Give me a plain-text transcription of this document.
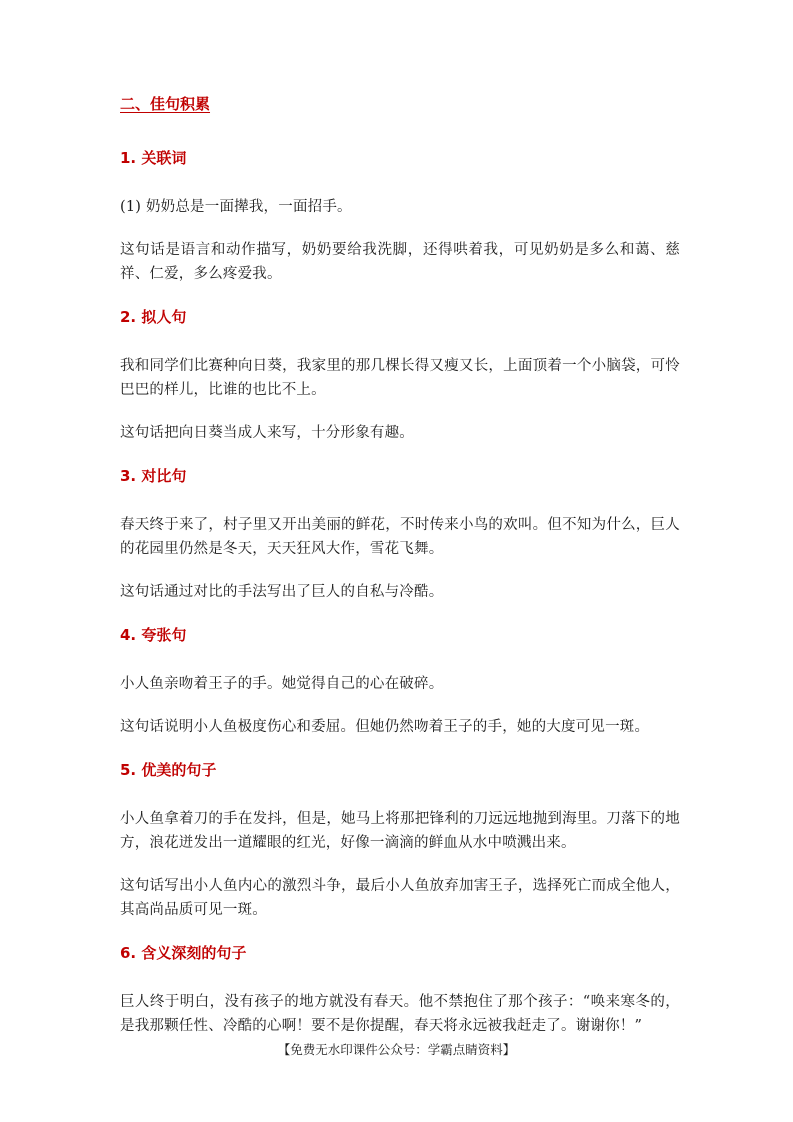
二、佳句积累
1. 关联词

(1) 奶奶总是一面撵我，一面招手。

这句话是语言和动作描写，奶奶要给我洗脚，还得哄着我，可见奶奶是多么和蔼、慈祥、仁爱，多么疼爱我。

2. 拟人句

我和同学们比赛种向日葵，我家里的那几棵长得又瘦又长，上面顶着一个小脑袋，可怜巴巴的样儿，比谁的也比不上。

这句话把向日葵当成人来写，十分形象有趣。

3. 对比句

春天终于来了，村子里又开出美丽的鲜花，不时传来小鸟的欢叫。但不知为什么，巨人的花园里仍然是冬天，天天狂风大作，雪花飞舞。

这句话通过对比的手法写出了巨人的自私与冷酷。

4. 夸张句

小人鱼亲吻着王子的手。她觉得自己的心在破碎。

这句话说明小人鱼极度伤心和委屈。但她仍然吻着王子的手，她的大度可见一斑。

5. 优美的句子

小人鱼拿着刀的手在发抖，但是，她马上将那把锋利的刀远远地抛到海里。刀落下的地方，浪花迸发出一道耀眼的红光，好像一滴滴的鲜血从水中喷溅出来。

这句话写出小人鱼内心的激烈斗争，最后小人鱼放弃加害王子，选择死亡而成全他人，其高尚品质可见一斑。

6. 含义深刻的句子

巨人终于明白，没有孩子的地方就没有春天。他不禁抱住了那个孩子：“唤来寒冬的，是我那颗任性、冷酷的心啊！要不是你提醒，春天将永远被我赶走了。谢谢你！”

【免费无水印课件公众号：学霸点睛资料】
